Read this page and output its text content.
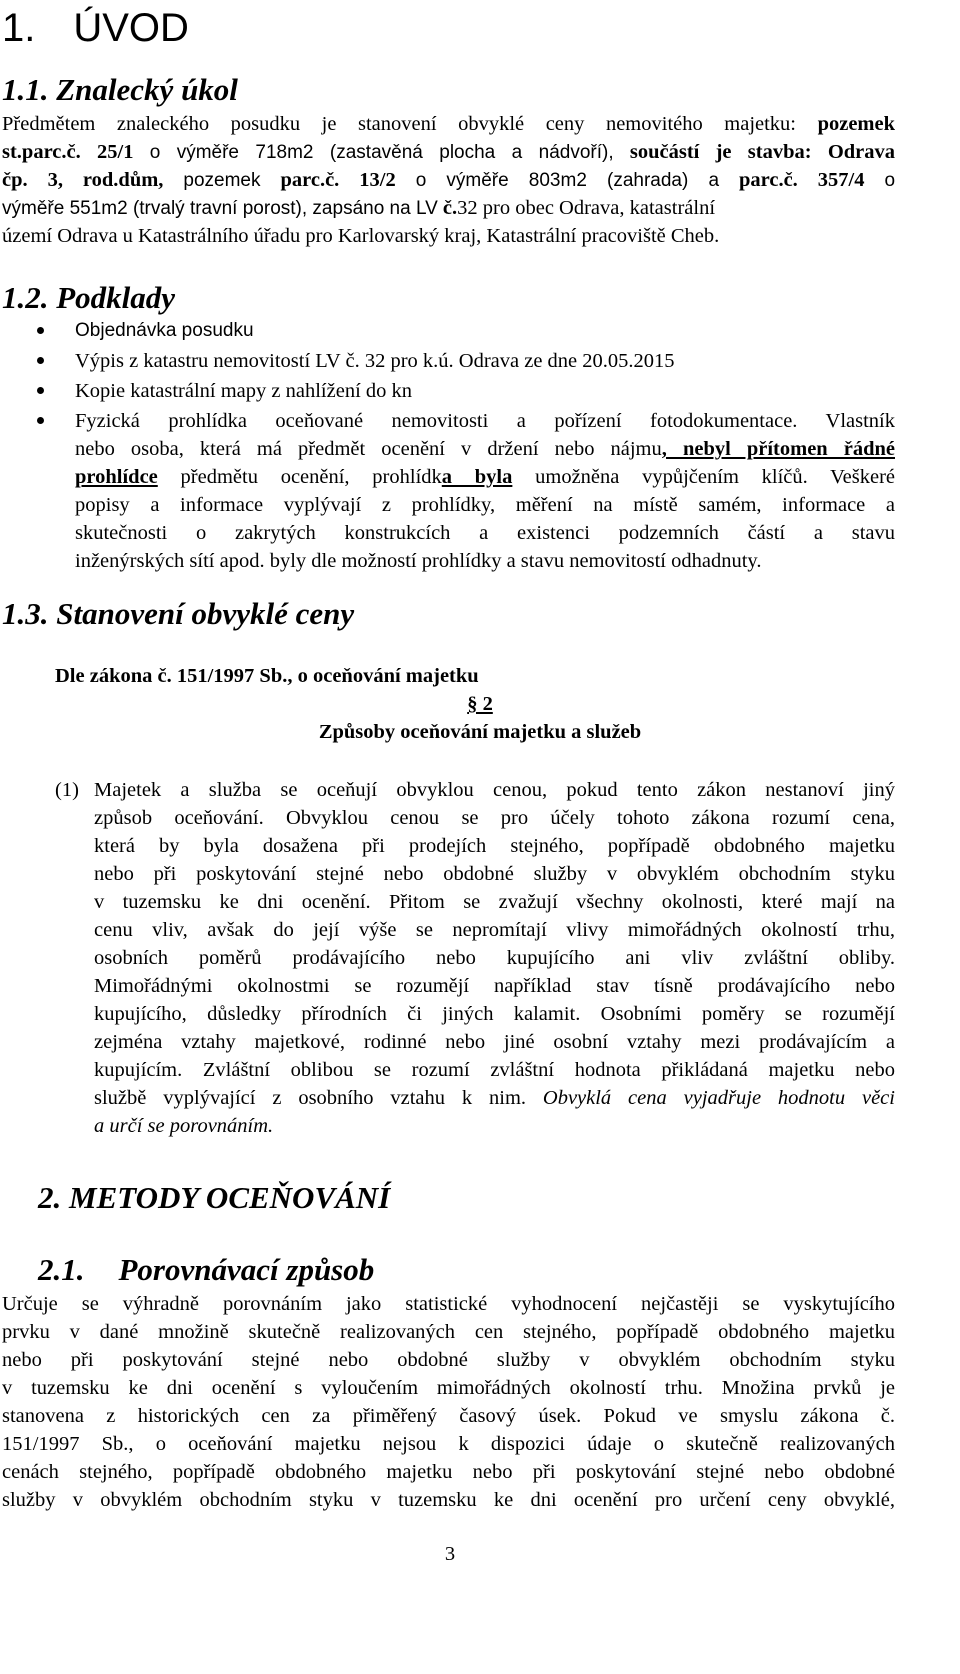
1. ÚVOD
1.1. Znalecký úkol
Předmětem znaleckého posudku je stanovení obvyklé ceny nemovitého majetku: pozemek
st.parc.č. 25/1 o výměře 718m2 (zastavěná plocha a nádvoří), součástí je stavba: Odrava
čp. 3, rod.dům, pozemek parc.č. 13/2 o výměře 803m2 (zahrada) a parc.č. 357/4 o
výměře 551m2 (trvalý travní porost), zapsáno na LV č.32 pro obec Odrava, katastrální
území Odrava u Katastrálního úřadu pro Karlovarský kraj, Katastrální pracoviště Cheb.
1.2. Podklady
Objednávka posudku
Výpis z katastru nemovitostí LV č. 32 pro k.ú. Odrava ze dne 20.05.2015
Kopie katastrální mapy z nahlížení do kn
Fyzická prohlídka oceňované nemovitosti a pořízení fotodokumentace. Vlastník
nebo osoba, která má předmět ocenění v držení nebo nájmu, nebyl přítomen řádné
prohlídce předmětu ocenění, prohlídka byla umožněna vypůjčením klíčů. Veškeré
popisy a informace vyplývají z prohlídky, měření na místě samém, informace a
skutečnosti o zakrytých konstrukcích a existenci podzemních částí a stavu
inženýrských sítí apod. byly dle možností prohlídky a stavu nemovitostí odhadnuty.
1.3. Stanovení obvyklé ceny
Dle zákona č. 151/1997 Sb., o oceňování majetku
§ 2
Způsoby oceňování majetku a služeb
(1) Majetek a služba se oceňují obvyklou cenou, pokud tento zákon nestanoví jiný
způsob oceňování. Obvyklou cenou se pro účely tohoto zákona rozumí cena,
která by byla dosažena při prodejích stejného, popřípadě obdobného majetku
nebo při poskytování stejné nebo obdobné služby v obvyklém obchodním styku
v tuzemsku ke dni ocenění. Přitom se zvažují všechny okolnosti, které mají na
cenu vliv, avšak do její výše se nepromítají vlivy mimořádných okolností trhu,
osobních poměrů prodávajícího nebo kupujícího ani vliv zvláštní obliby.
Mimořádnými okolnostmi se rozumějí například stav tísně prodávajícího nebo
kupujícího, důsledky přírodních či jiných kalamit. Osobními poměry se rozumějí
zejména vztahy majetkové, rodinné nebo jiné osobní vztahy mezi prodávajícím a
kupujícím. Zvláštní oblibou se rozumí zvláštní hodnota přikládaná majetku nebo
službě vyplývající z osobního vztahu k nim. Obvyklá cena vyjadřuje hodnotu věci
a určí se porovnáním.
2. METODY OCEŇOVÁNÍ
2.1. Porovnávací způsob
Určuje se výhradně porovnáním jako statistické vyhodnocení nejčastěji se vyskytujícího
prvku v dané množině skutečně realizovaných cen stejného, popřípadě obdobného majetku
nebo při poskytování stejné nebo obdobné služby v obvyklém obchodním styku
v tuzemsku ke dni ocenění s vyloučením mimořádných okolností trhu. Množina prvků je
stanovena z historických cen za přiměřený časový úsek. Pokud ve smyslu zákona č.
151/1997 Sb., o oceňování majetku nejsou k dispozici údaje o skutečně realizovaných
cenách stejného, popřípadě obdobného majetku nebo při poskytování stejné nebo obdobné
služby v obvyklém obchodním styku v tuzemsku ke dni ocenění pro určení ceny obvyklé,
3
